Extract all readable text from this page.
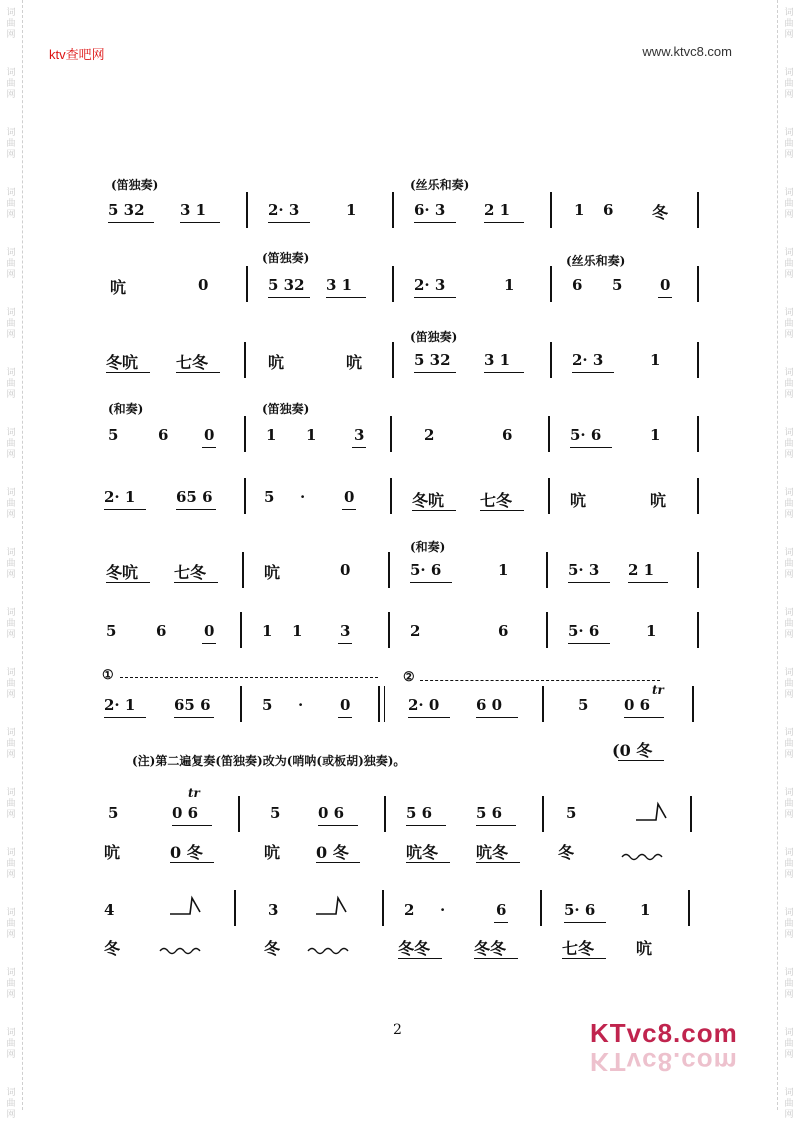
ktv查吧网	www.ktvc8.com
(笛独奏)	(丝乐和奏)
(笛独奏)	(丝乐和奏)
(笛独奏)
(和奏)	(笛独奏)
(和奏)
5 32 3 1	2· 3	1	6· 3	2 1	1 6 冬
吭	0	5 32 3 1	2· 3	1	6 5	0
冬吭 七冬	吭	吭	5 32 3 1	2· 3	1
5	6 0	1 1	3	2	6	5· 6	1
2· 1	65 6	5 ·	0	冬吭 七冬	吭	吭
冬吭 七冬	吭	0	5· 6	1	5· 3 2 1
5	6	0	1 1	3	2	6	5· 6	1
①	②
tr
2· 1	65 6	5 · 0	2· 0 6 0	5 0 6
(0 冬
(注)第二遍复奏(笛独奏)改为(哨呐(或板胡)独奏)。
tr
5	0 6	5	0 6	5 6	5 6	5
吭	0 冬	吭 0 冬	吭冬 吭冬	冬
4	3	2 ·	6	5· 6	1
冬	冬	冬冬	冬冬	七冬	吭
2	KTvc8.com
KTvc8.com
词
曲
网
词
曲
网
词
曲
网
词
曲
网
词
曲
网
词
曲
网
词
曲
网
词
曲
网
词
曲
网
词
曲
网
词
曲
网
词
曲
网
词
曲
网
词
曲
网
词
曲
网
词
曲
网
词
曲
网
词
曲
网
词
曲
网
词
曲
网
词
曲
网
词
曲
网
词
曲
网
词
曲
网
词
曲
网
词
曲
网
词
曲
网
词
曲
网
词
曲
网
词
曲
网
词
曲
网
词
曲
网
词
曲
网
词
曲
网
词
曲
网
词
曲
网
词
曲
网
词
曲
网
